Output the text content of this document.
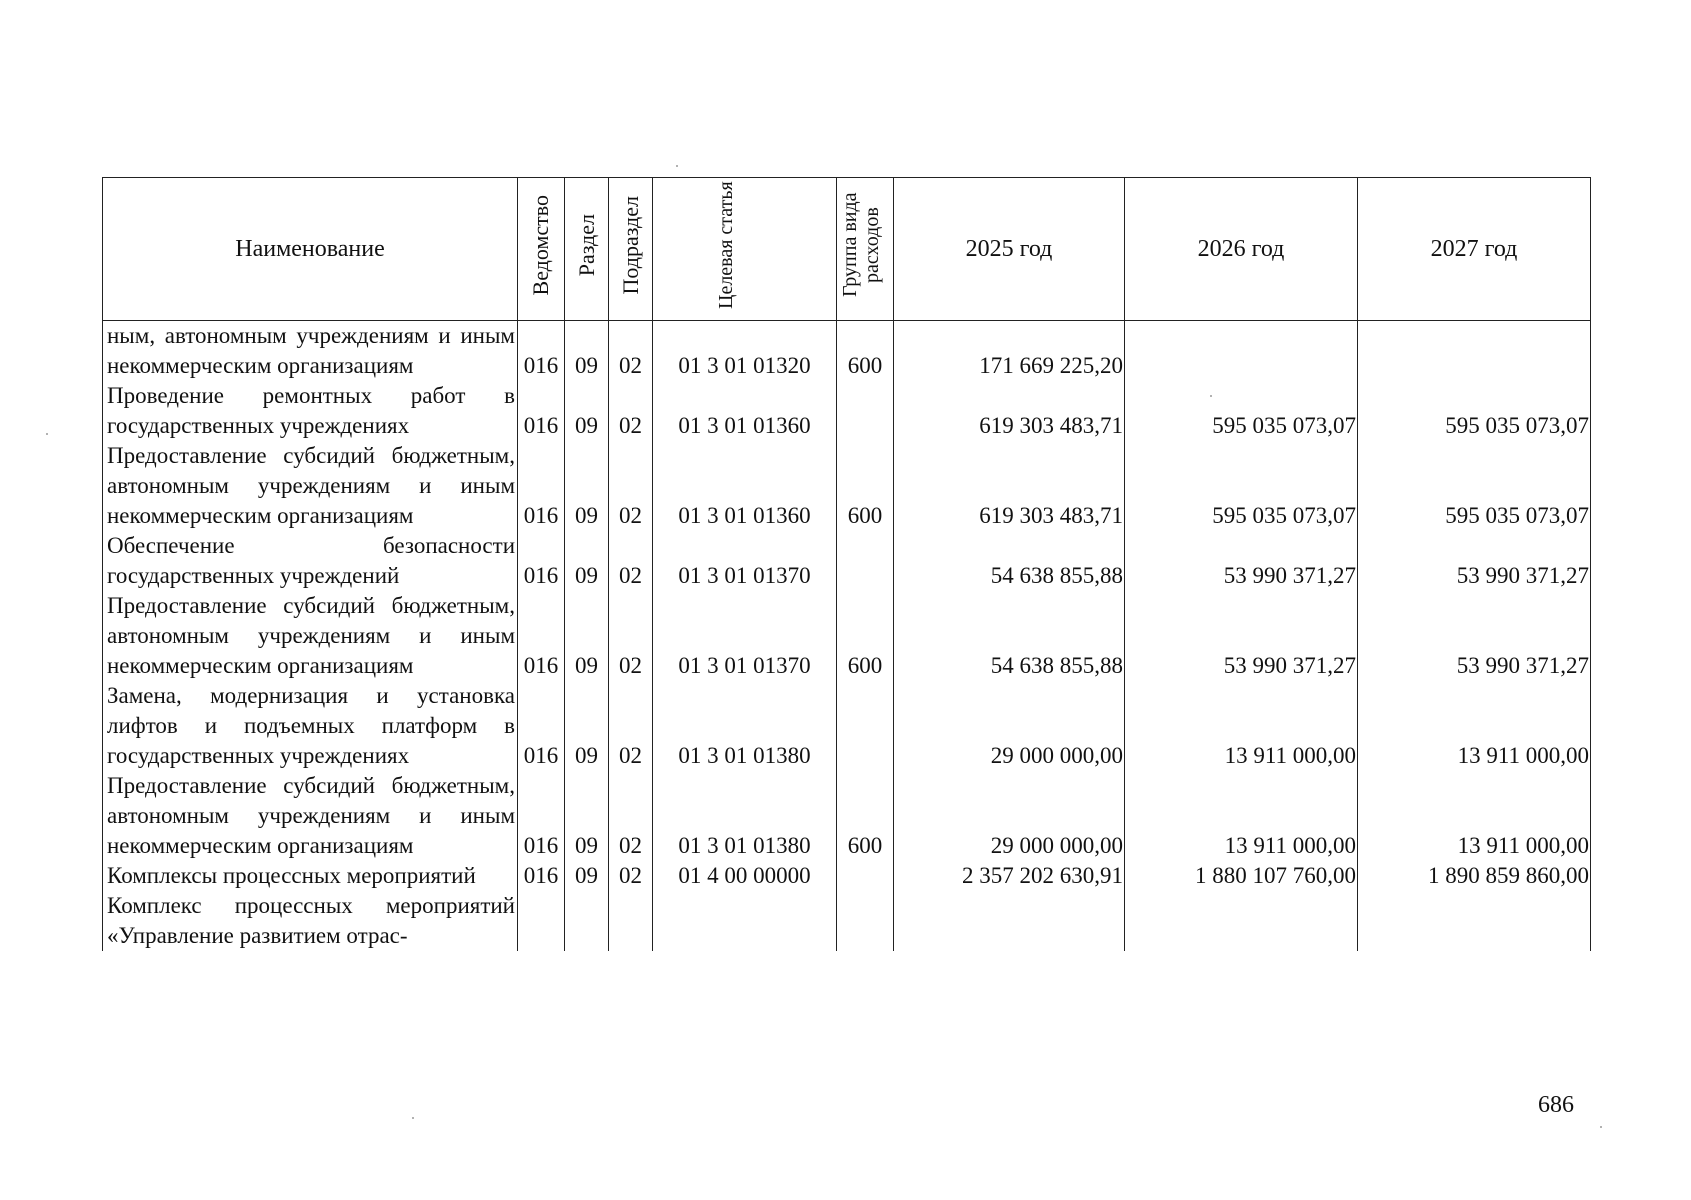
Наименование	Ведомство	Раздел	Подраздел	Целевая статья	Группа вида расходов	2025 год	2026 год	2027 год
ным, автономным учреждениям и иным некоммерческим организациям	016	09	02	01 3 01 01320	600	171 669 225,20		
Проведение ремонтных работ в государственных учреждениях	016	09	02	01 3 01 01360		619 303 483,71	595 035 073,07	595 035 073,07
Предоставление субсидий бюджетным, автономным учреждениям и иным некоммерческим организациям	016	09	02	01 3 01 01360	600	619 303 483,71	595 035 073,07	595 035 073,07
Обеспечение безопасности государственных учреждений	016	09	02	01 3 01 01370		54 638 855,88	53 990 371,27	53 990 371,27
Предоставление субсидий бюджетным, автономным учреждениям и иным некоммерческим организациям	016	09	02	01 3 01 01370	600	54 638 855,88	53 990 371,27	53 990 371,27
Замена, модернизация и установка лифтов и подъемных платформ в государственных учреждениях	016	09	02	01 3 01 01380		29 000 000,00	13 911 000,00	13 911 000,00
Предоставление субсидий бюджетным, автономным учреждениям и иным некоммерческим организациям	016	09	02	01 3 01 01380	600	29 000 000,00	13 911 000,00	13 911 000,00
Комплексы процессных мероприятий	016	09	02	01 4 00 00000		2 357 202 630,91	1 880 107 760,00	1 890 859 860,00
Комплекс процессных мероприятий «Управление развитием отрас-								
686
